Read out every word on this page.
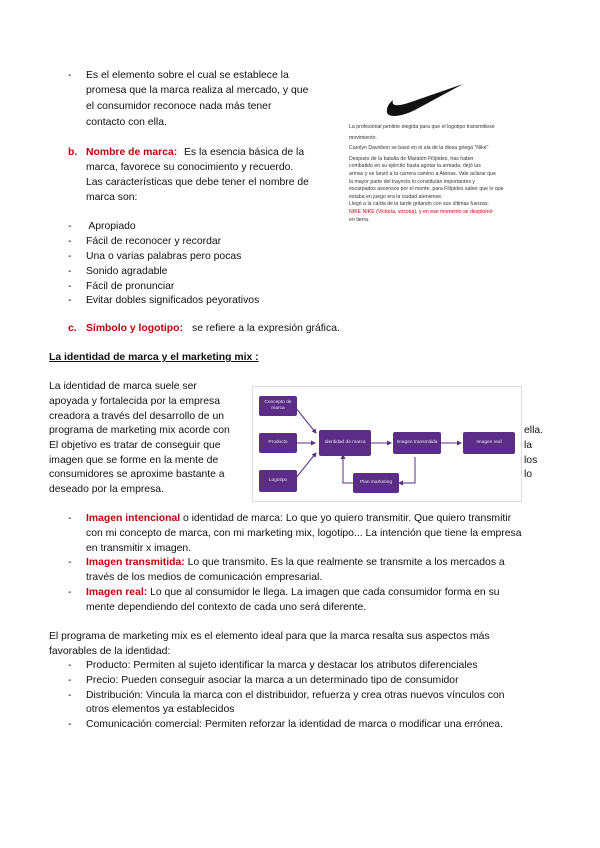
-	Es el elemento sobre el cual se establece la

promesa que la marca realiza al mercado, y que

el consumidor reconoce nada más tener

contacto con ella.

b. Nombre de marca: Es la esencia básica de la

marca, favorece su conocimiento y recuerdo.

Las características que debe tener el nombre de

marca son:

-	Apropiado

-	Fácil de reconocer y recordar

-	Una o varias palabras pero pocas

-	Sonido agradable

-	Fácil de pronunciar

-	Evitar dobles significados peyorativos

La profesional penitrie elegida para que el logotipo transmitiese

movimiento.

Carolyn Davidson se basó en el ala de la diosa griega "Niké"

Después de la batalla de Maratón Filípides, tras haber

combatido en su ejército hasta agotar la armada, dejó las

armas y se lanzó a la carrera camino a Atenas. Vale aclarar que

la mayor parte del trayecto lo constituían importantes y

escarpados ascensos por el monte, para Filípides saber que lo que

estaba en juego era la ciudad ateniense.

Llegó a la caída de la tarde gritando con sus últimas fuerzas:

NIKE NIKE (Victoria, victoria), y en ese momento se desplomó

en tierra.

c. Símbolo y logotipo: se refiere a la expresión gráfica.

La identidad de marca y el marketing mix :

La identidad de marca suele ser

apoyada y fortalecida por la empresa

creadora a través del desarrollo de un

programa de marketing mix acorde con

El objetivo es tratar de conseguir que

imagen que se forme en la mente de

consumidores se aproxime bastante a

deseado por la empresa.

ella.

la

los

lo

Concepto de marca
Producto
Logotipo
Identidad de marca	Imagen transmitida	Imagen real
Plan marketing
-	Imagen intencional o identidad de marca: Lo que yo quiero transmitir. Que quiero transmitir

con mi concepto de marca, con mi marketing mix, logotipo... La intención que tiene la empresa

en transmitir x imagen.

-	Imagen transmitida: Lo que transmito. Es la que realmente se transmite a los mercados a

través de los medios de comunicación empresarial.

-	Imagen real: Lo que al consumidor le llega. La imagen que cada consumidor forma en su

mente dependiendo del contexto de cada uno será diferente.

El programa de marketing mix es el elemento ideal para que la marca resalta sus aspectos más

favorables de la identidad:

-	Producto: Permiten al sujeto identificar la marca y destacar los atributos diferenciales

-	Precio: Pueden conseguir asociar la marca a un determinado tipo de consumidor

-	Distribución: Vincula la marca con el distribuidor, refuerza y crea otras nuevos vínculos con

otros elementos ya establecidos

-	Comunicación comercial: Permiten reforzar la identidad de marca o modificar una errónea.
